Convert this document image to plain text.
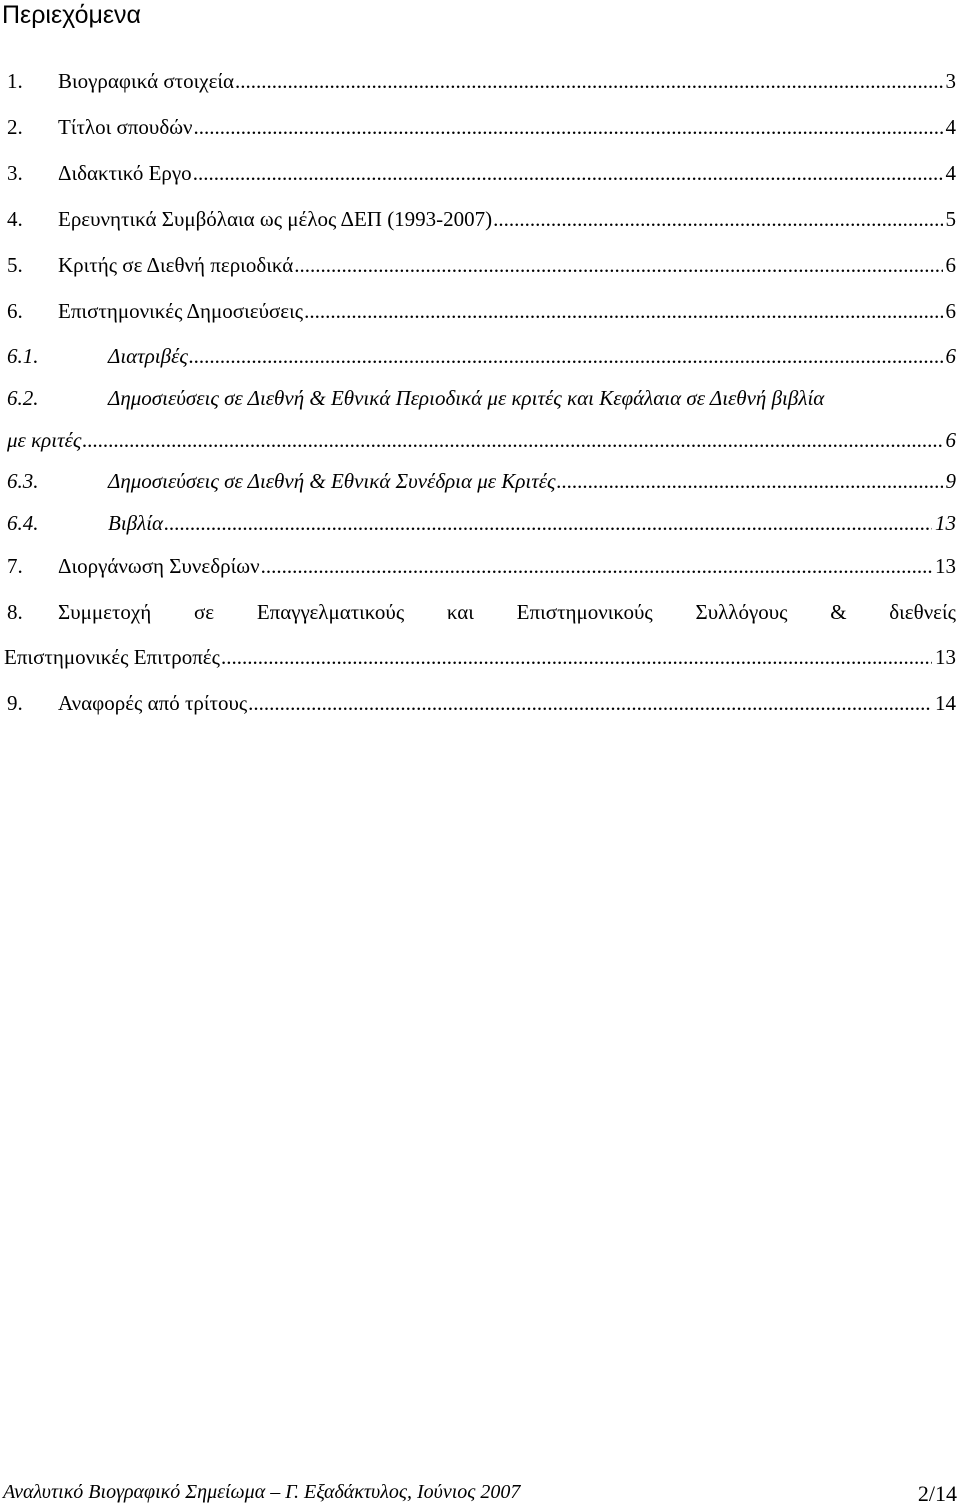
Περιεχόμενα
1. Βιογραφικά στοιχεία .....	3
2. Τίτλοι σπουδών .....	4
3. Διδακτικό Εργο .....	4
4. Ερευνητικά Συμβόλαια ως μέλος ΔΕΠ (1993-2007) .....	5
5. Κριτής σε Διεθνή περιοδικά .....	6
6. Επιστημονικές Δημοσιεύσεις .....	6
6.1.	Διατριβές .....	6
6.2.	Δημοσιεύσεις σε Διεθνή & Εθνικά Περιοδικά με κριτές και Κεφάλαια σε Διεθνή βιβλία
με κριτές .....	6
6.3.	Δημοσιεύσεις σε Διεθνή & Εθνικά Συνέδρια με Κριτές .....	9
6.4.	Βιβλία .....	13
7. Διοργάνωση Συνεδρίων .....	13
8. Συμμετοχή σε Επαγγελματικούς και Επιστημονικούς Συλλόγους & διεθνείς
Επιστημονικές Επιτροπές .....	13
9. Αναφορές από τρίτους .....	14
Αναλυτικό Βιογραφικό Σημείωμα – Γ. Εξαδάκτυλος, Ιούνιος 2007	2/14
